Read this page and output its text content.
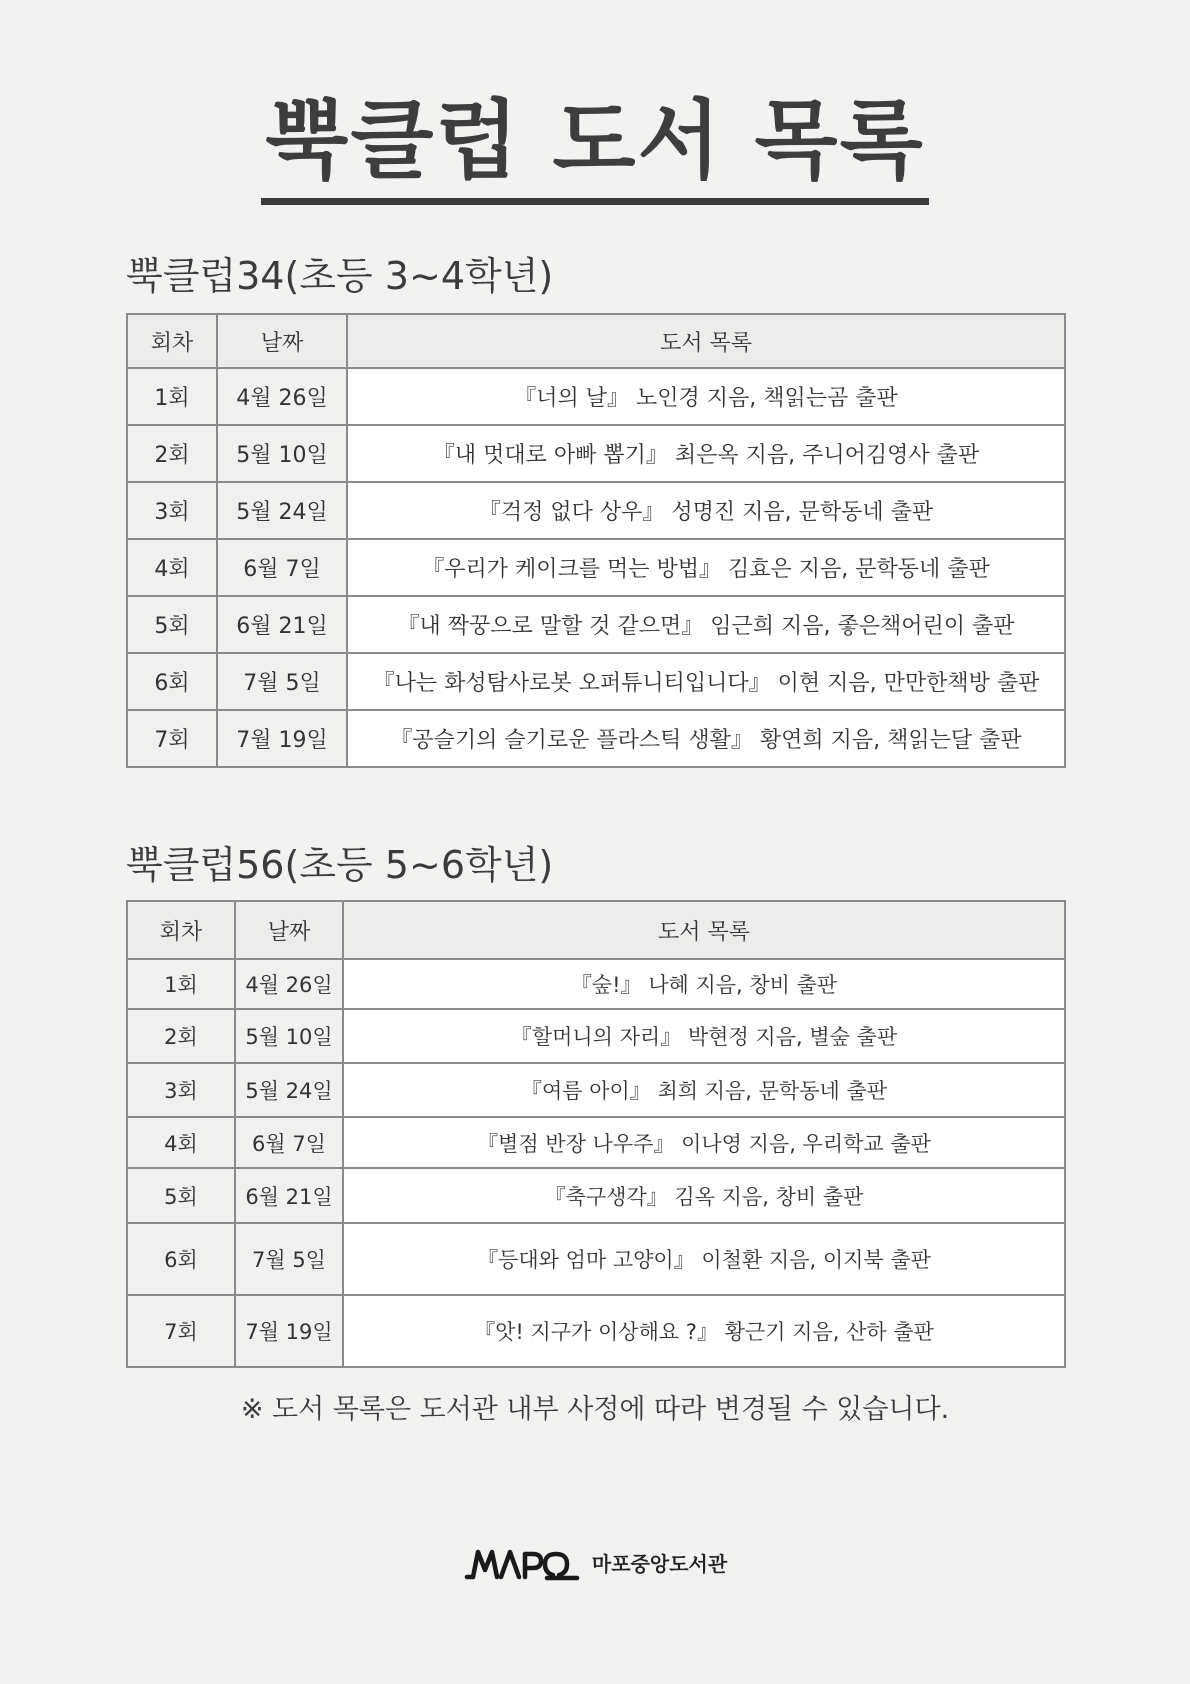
뿍클럽 도서 목록
뿍클럽34(초등 3~4학년)
회차	날짜	도서 목록
1회	4월 26일	『너의 날』 노인경 지음, 책읽는곰 출판
2회	5월 10일	『내 멋대로 아빠 뽑기』 최은옥 지음, 주니어김영사 출판
3회	5월 24일	『걱정 없다 상우』 성명진 지음, 문학동네 출판
4회	6월 7일	『우리가 케이크를 먹는 방법』 김효은 지음, 문학동네 출판
5회	6월 21일	『내 짝꿍으로 말할 것 같으면』 임근희 지음, 좋은책어린이 출판
6회	7월 5일	『나는 화성탐사로봇 오퍼튜니티입니다』 이현 지음, 만만한책방 출판
7회	7월 19일	『공슬기의 슬기로운 플라스틱 생활』 황연희 지음, 책읽는달 출판
뿍클럽56(초등 5~6학년)
회차	날짜	도서 목록
1회	4월 26일	『숲!』 나혜 지음, 창비 출판
2회	5월 10일	『할머니의 자리』 박현정 지음, 별숲 출판
3회	5월 24일	『여름 아이』 최희 지음, 문학동네 출판
4회	6월 7일	『별점 반장 나우주』 이나영 지음, 우리학교 출판
5회	6월 21일	『축구생각』 김옥 지음, 창비 출판
6회	7월 5일	『등대와 엄마 고양이』 이철환 지음, 이지북 출판
7회	7월 19일	『앗! 지구가 이상해요 ?』 황근기 지음, 산하 출판
※ 도서 목록은 도서관 내부 사정에 따라 변경될 수 있습니다.
마포중앙도서관
